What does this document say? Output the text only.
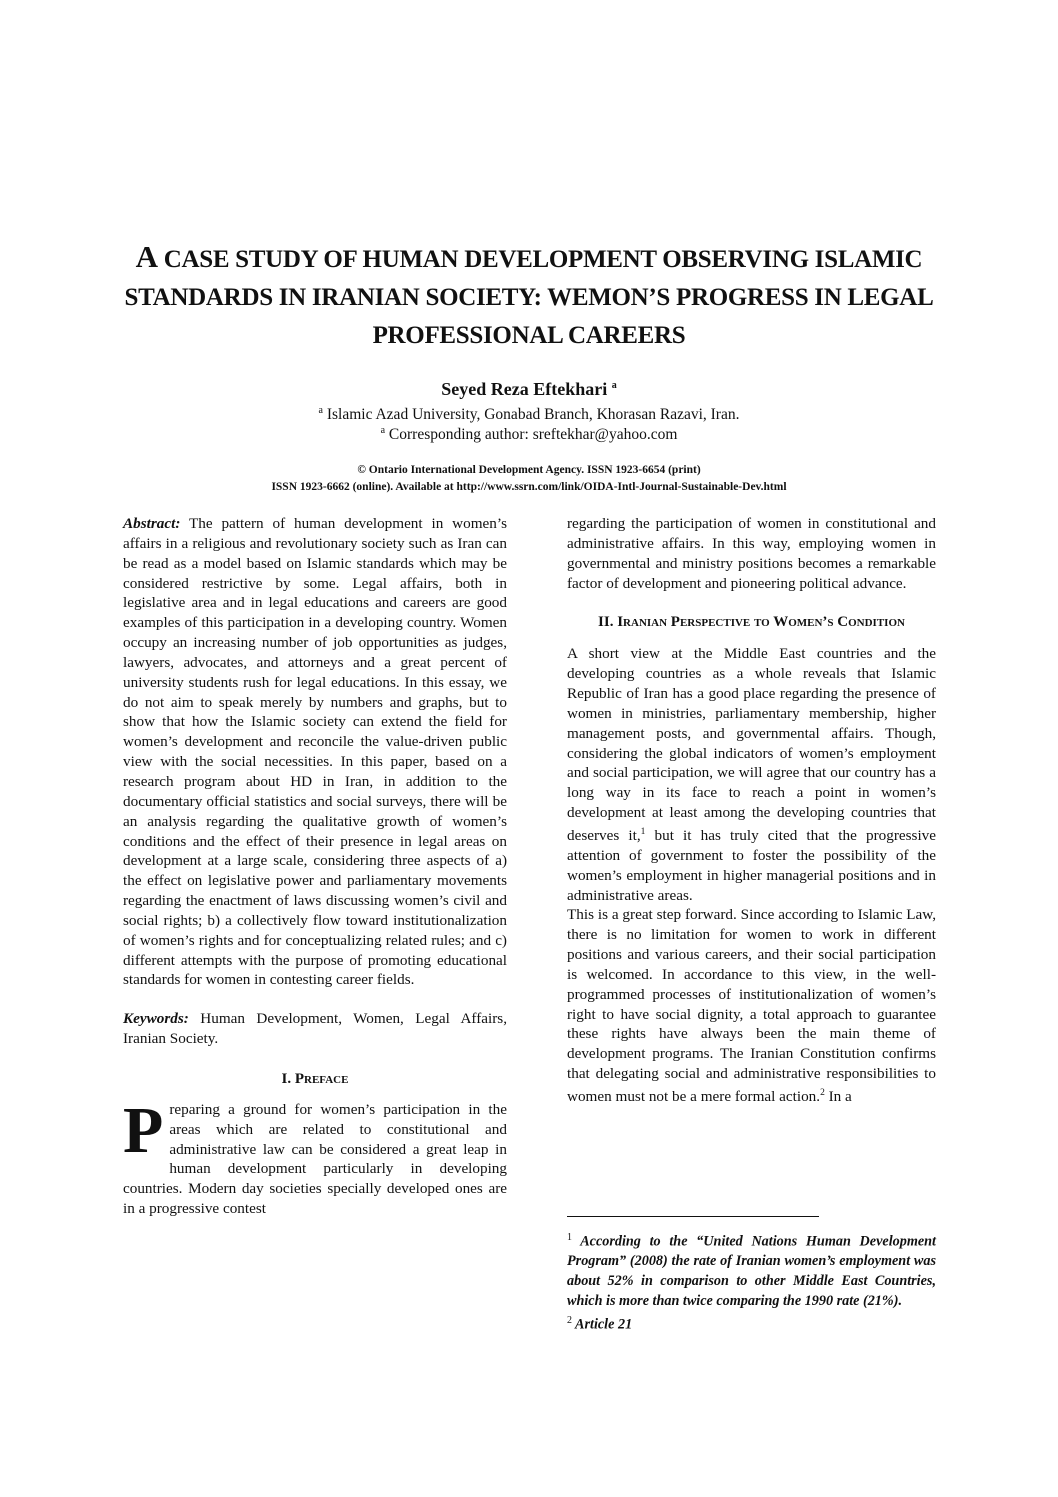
A CASE STUDY OF HUMAN DEVELOPMENT OBSERVING ISLAMIC STANDARDS IN IRANIAN SOCIETY: WEMON’S PROGRESS IN LEGAL PROFESSIONAL CAREERS
Seyed Reza Eftekhari $^a$
$^a$ Islamic Azad University, Gonabad Branch, Khorasan Razavi, Iran.
$^a$ Corresponding author: sreftekhar@yahoo.com
© Ontario International Development Agency. ISSN 1923-6654 (print)
ISSN 1923-6662 (online). Available at http://www.ssrn.com/link/OIDA-Intl-Journal-Sustainable-Dev.html

Abstract: The pattern of human development in women’s affairs in a religious and revolutionary society such as Iran can be read as a model based on Islamic standards which may be considered restrictive by some. Legal affairs, both in legislative area and in legal educations and careers are good examples of this participation in a developing country. Women occupy an increasing number of job opportunities as judges, lawyers, advocates, and attorneys and a great percent of university students rush for legal educations. In this essay, we do not aim to speak merely by numbers and graphs, but to show that how the Islamic society can extend the field for women’s development and reconcile the value-driven public view with the social necessities. In this paper, based on a research program about HD in Iran, in addition to the documentary official statistics and social surveys, there will be an analysis regarding the qualitative growth of women’s conditions and the effect of their presence in legal areas on development at a large scale, considering three aspects of a) the effect on legislative power and parliamentary movements regarding the enactment of laws discussing women’s civil and social rights; b) a collectively flow toward institutionalization of women’s rights and for conceptualizing related rules; and c) different attempts with the purpose of promoting educational standards for women in contesting career fields.

Keywords: Human Development, Women, Legal Affairs, Iranian Society.

I. Preface

Preparing a ground for women’s participation in the areas which are related to constitutional and administrative law can be considered a great leap in human development particularly in developing countries. Modern day societies specially developed ones are in a progressive contest

regarding the participation of women in constitutional and administrative affairs. In this way, employing women in governmental and ministry positions becomes a remarkable factor of development and pioneering political advance.

II. Iranian Perspective to Women’s Condition

A short view at the Middle East countries and the developing countries as a whole reveals that Islamic Republic of Iran has a good place regarding the presence of women in ministries, parliamentary membership, higher management posts, and governmental affairs. Though, considering the global indicators of women’s employment and social participation, we will agree that our country has a long way in its face to reach a point in women’s development at least among the developing countries that deserves it,$^1$ but it has truly cited that the progressive attention of government to foster the possibility of the women’s employment in higher managerial positions and in administrative areas.

This is a great step forward. Since according to Islamic Law, there is no limitation for women to work in different positions and various careers, and their social participation is welcomed. In accordance to this view, in the well-programmed processes of institutionalization of women’s right to have social dignity, a total approach to guarantee these rights have always been the main theme of development programs. The Iranian Constitution confirms that delegating social and administrative responsibilities to women must not be a mere formal action.$^2$ In a

$^1$ According to the “United Nations Human Development Program” (2008) the rate of Iranian women’s employment was about 52% in comparison to other Middle East Countries, which is more than twice comparing the 1990 rate (21%).

$^2$ Article 21
